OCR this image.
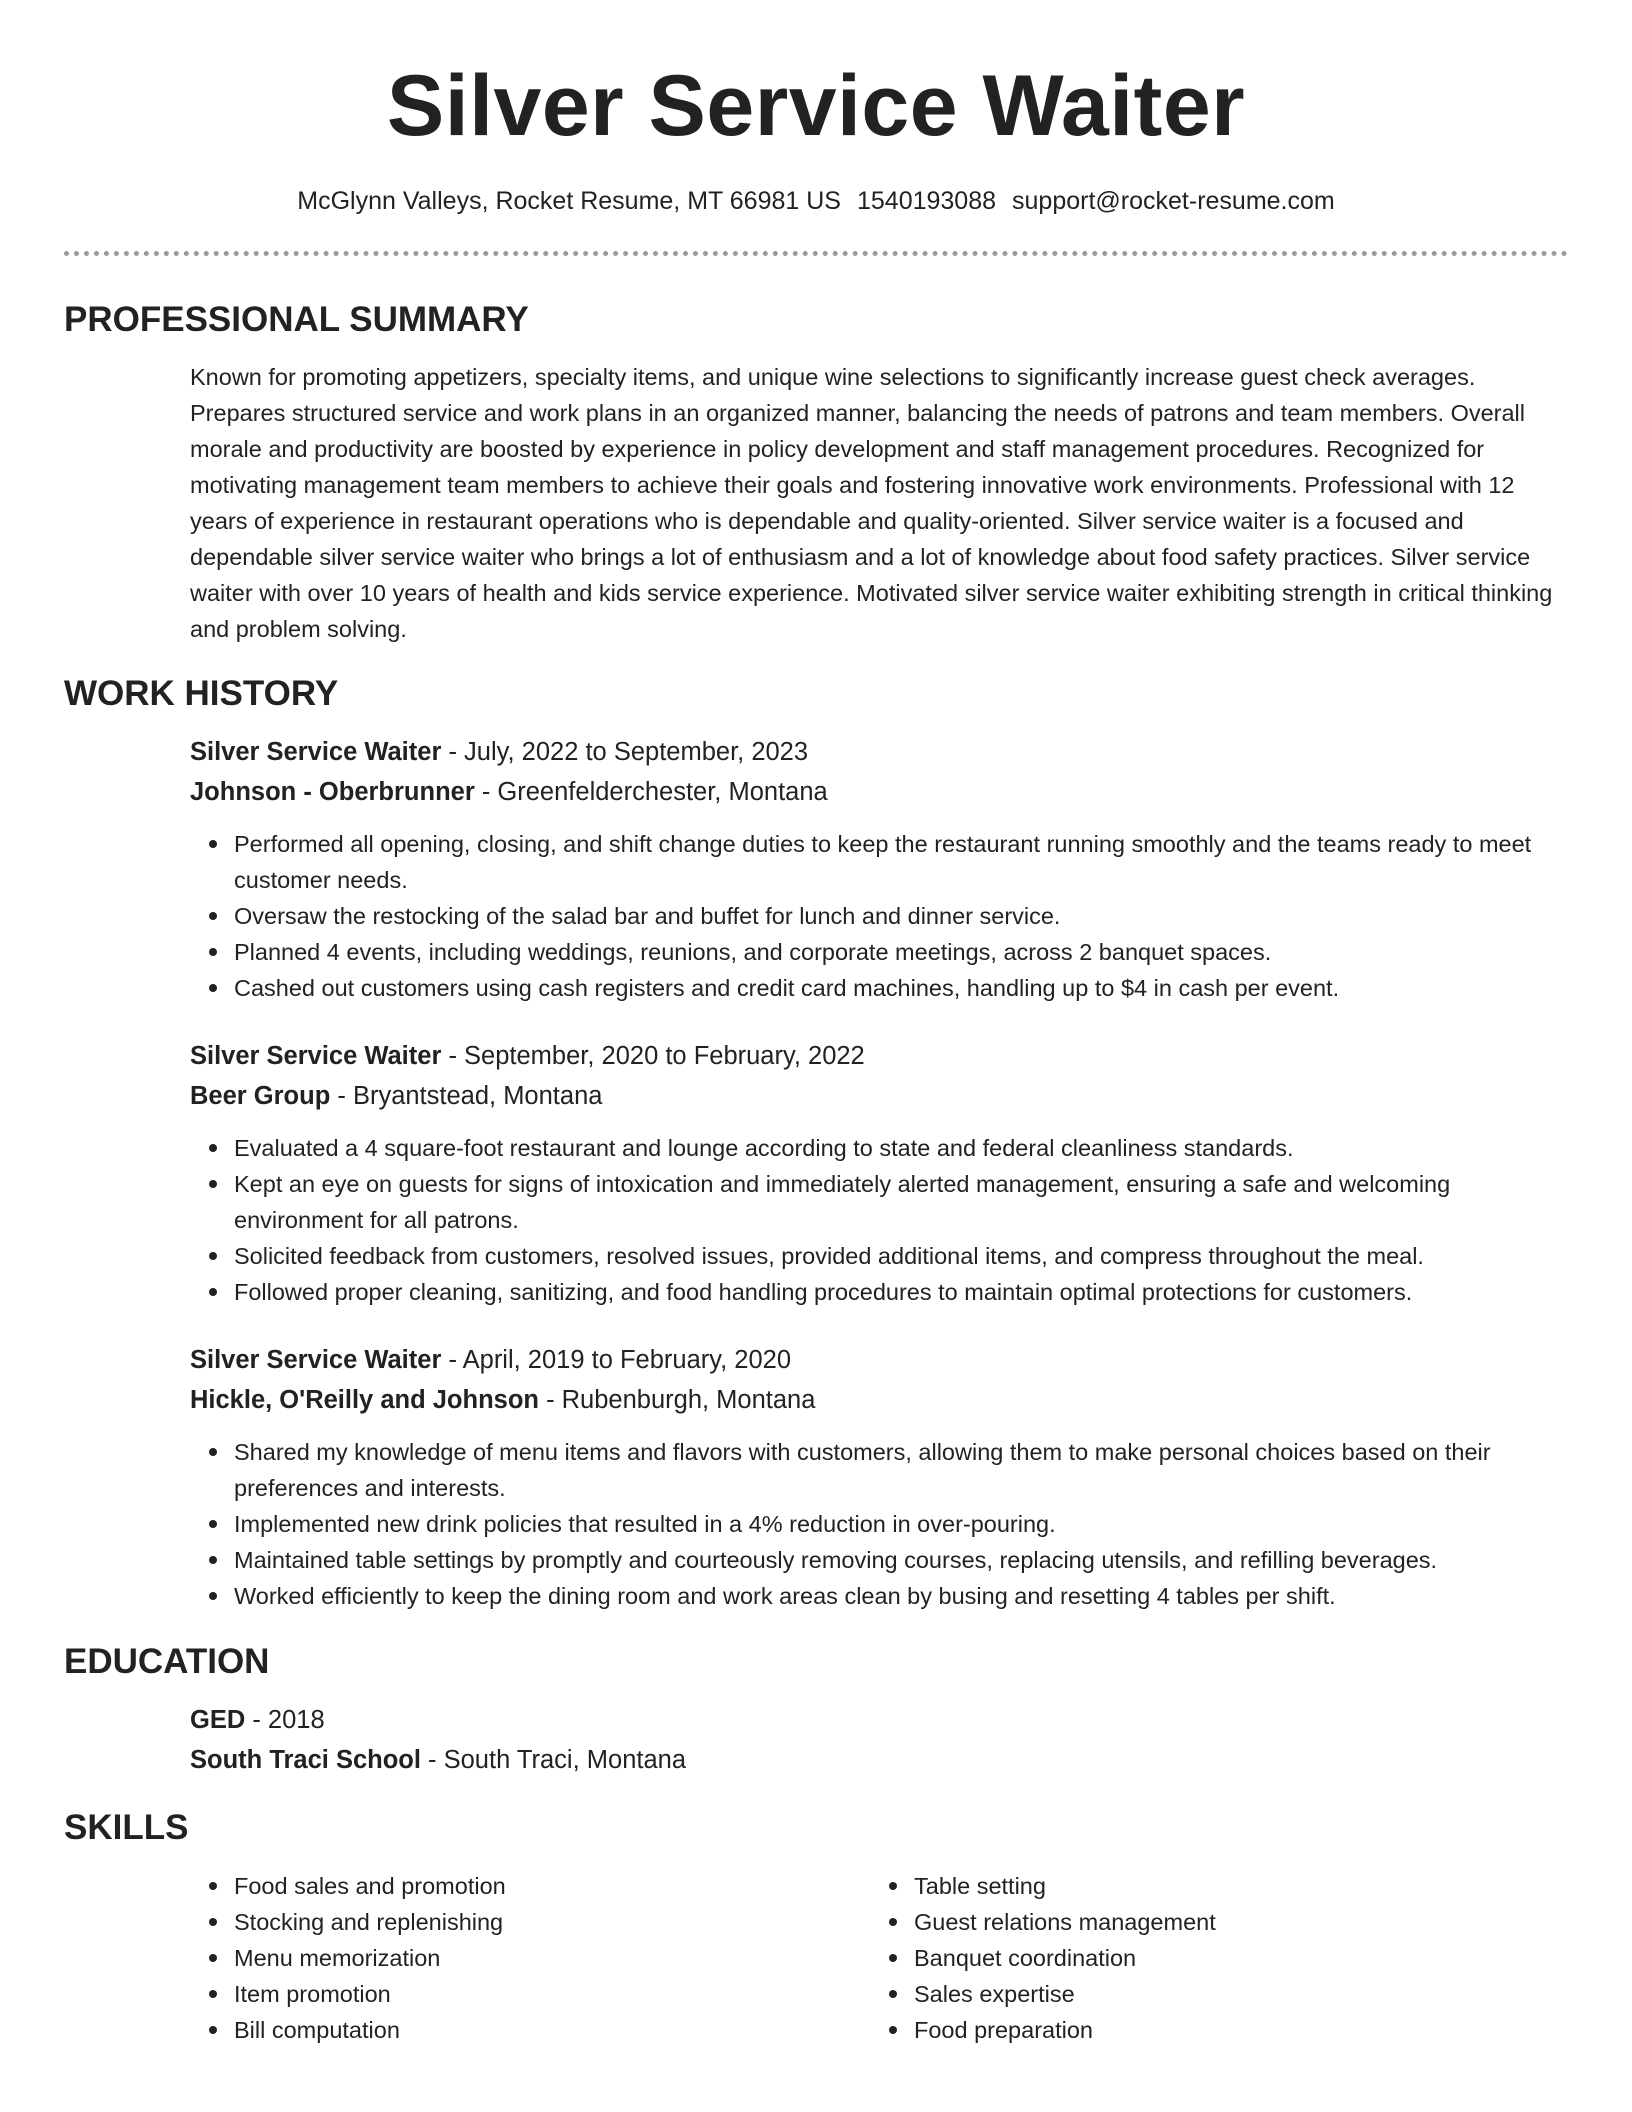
Silver Service Waiter
McGlynn Valleys, Rocket Resume, MT 66981 US 1540193088 support@rocket-resume.com
PROFESSIONAL SUMMARY
Known for promoting appetizers, specialty items, and unique wine selections to significantly increase guest check averages. Prepares structured service and work plans in an organized manner, balancing the needs of patrons and team members. Overall morale and productivity are boosted by experience in policy development and staff management procedures. Recognized for motivating management team members to achieve their goals and fostering innovative work environments. Professional with 12 years of experience in restaurant operations who is dependable and quality-oriented. Silver service waiter is a focused and dependable silver service waiter who brings a lot of enthusiasm and a lot of knowledge about food safety practices. Silver service waiter with over 10 years of health and kids service experience. Motivated silver service waiter exhibiting strength in critical thinking and problem solving.
WORK HISTORY
Silver Service Waiter - July, 2022 to September, 2023
Johnson - Oberbrunner - Greenfelderchester, Montana
Performed all opening, closing, and shift change duties to keep the restaurant running smoothly and the teams ready to meet customer needs.
Oversaw the restocking of the salad bar and buffet for lunch and dinner service.
Planned 4 events, including weddings, reunions, and corporate meetings, across 2 banquet spaces.
Cashed out customers using cash registers and credit card machines, handling up to $4 in cash per event.
Silver Service Waiter - September, 2020 to February, 2022
Beer Group - Bryantstead, Montana
Evaluated a 4 square-foot restaurant and lounge according to state and federal cleanliness standards.
Kept an eye on guests for signs of intoxication and immediately alerted management, ensuring a safe and welcoming environment for all patrons.
Solicited feedback from customers, resolved issues, provided additional items, and compress throughout the meal.
Followed proper cleaning, sanitizing, and food handling procedures to maintain optimal protections for customers.
Silver Service Waiter - April, 2019 to February, 2020
Hickle, O'Reilly and Johnson - Rubenburgh, Montana
Shared my knowledge of menu items and flavors with customers, allowing them to make personal choices based on their preferences and interests.
Implemented new drink policies that resulted in a 4% reduction in over-pouring.
Maintained table settings by promptly and courteously removing courses, replacing utensils, and refilling beverages.
Worked efficiently to keep the dining room and work areas clean by busing and resetting 4 tables per shift.
EDUCATION
GED - 2018
South Traci School - South Traci, Montana
SKILLS
Food sales and promotion
Stocking and replenishing
Menu memorization
Item promotion
Bill computation
Table setting
Guest relations management
Banquet coordination
Sales expertise
Food preparation
